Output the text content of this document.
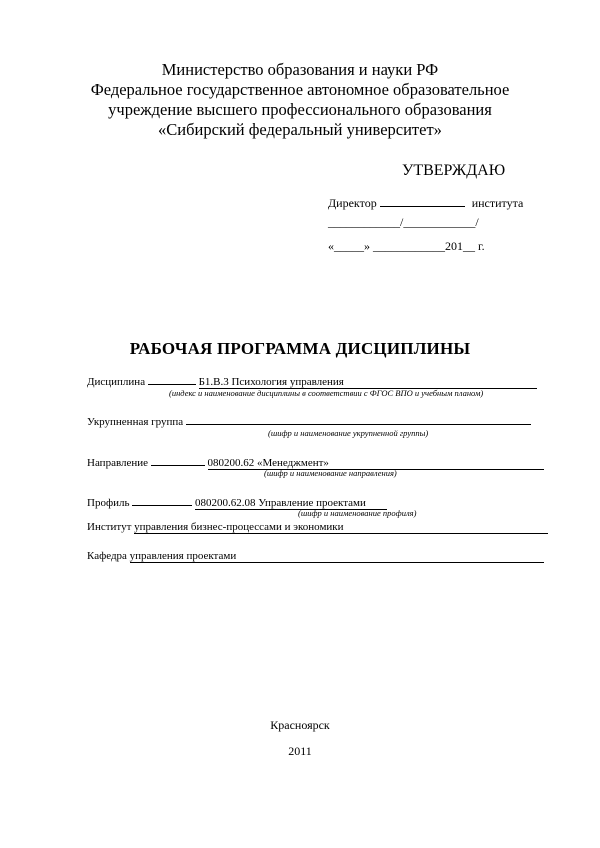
Министерство образования и науки РФ
Федеральное государственное автономное образовательное
учреждение высшего профессионального образования
«Сибирский федеральный университет»
УТВЕРЖДАЮ
Директор	института
____________/____________/
«_____» ____________201__ г.
РАБОЧАЯ ПРОГРАММА ДИСЦИПЛИНЫ
Дисциплина	Б1.В.3 Психология управления
(индекс и наименование дисциплины в соответствии с ФГОС ВПО и учебным планом)
Укрупненная группа
(шифр и наименование укрупненной группы)
Направление	080200.62 «Менеджмент»
(шифр и наименование направления)
Профиль	080200.62.08 Управление проектами
(шифр и наименование профиля)
Институт управления бизнес-процессами и экономики
Кафедра управления проектами
Красноярск
2011
